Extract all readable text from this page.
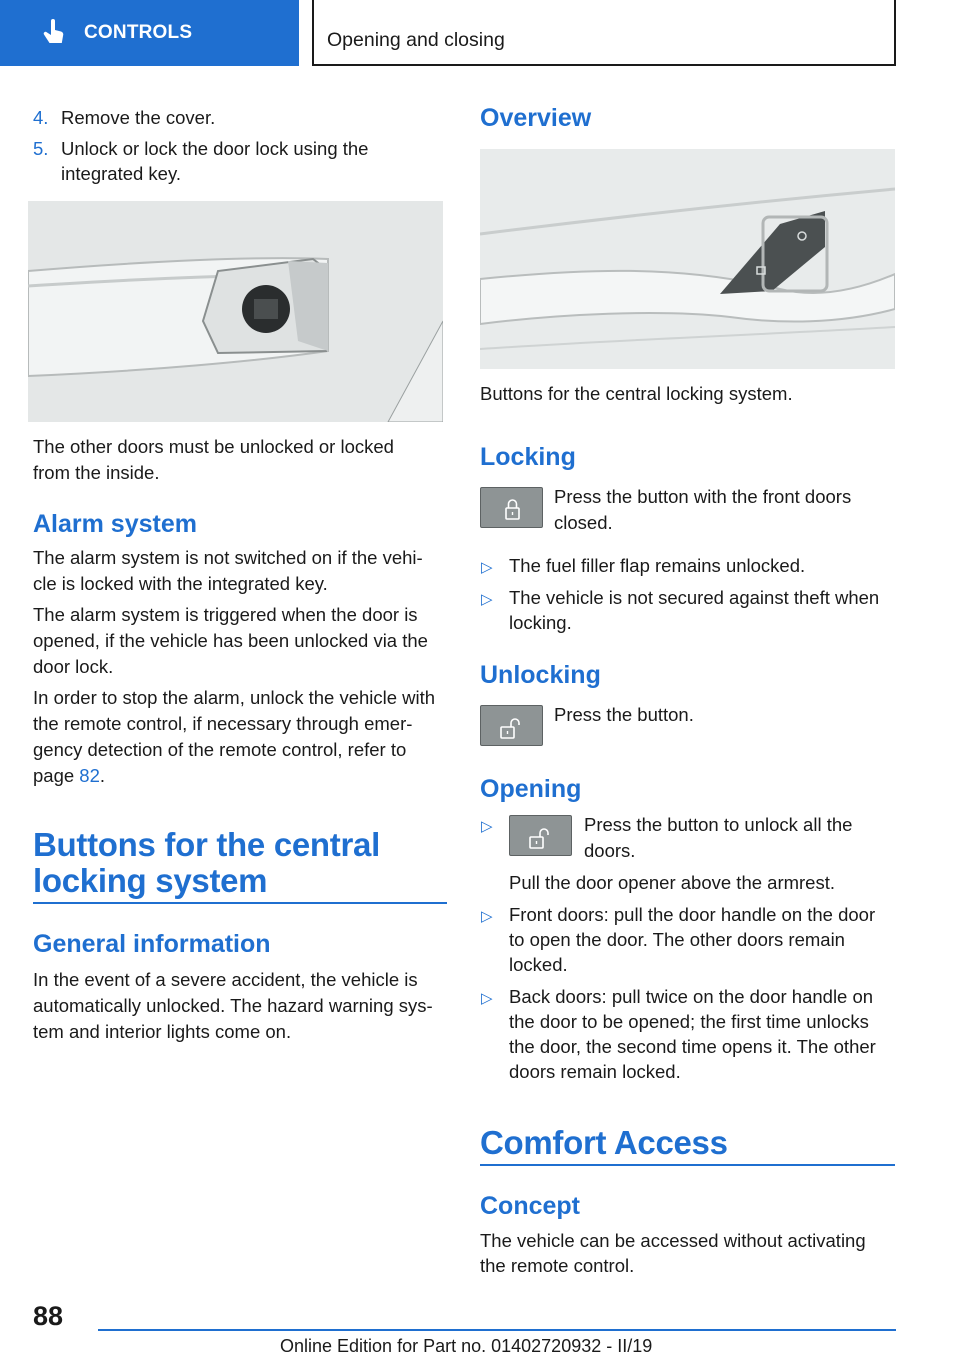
CONTROLS	Opening and closing
4. Remove the cover.
5. Unlock or lock the door lock using the
integrated key.
The other doors must be unlocked or locked
from the inside.
Alarm system
The alarm system is not switched on if the vehi‐
cle is locked with the integrated key.
The alarm system is triggered when the door is
opened, if the vehicle has been unlocked via the
door lock.
In order to stop the alarm, unlock the vehicle with
the remote control, if necessary through emer‐
gency detection of the remote control, refer to
page 82.
Buttons for the central
locking system
General information
In the event of a severe accident, the vehicle is
automatically unlocked. The hazard warning sys‐
tem and interior lights come on.
Overview
Buttons for the central locking system.
Locking
Press the button with the front doors
closed.
▷ The fuel filler flap remains unlocked.
▷ The vehicle is not secured against theft when
locking.
Unlocking
Press the button.
Opening
▷	Press the button to unlock all the
doors.
Pull the door opener above the armrest.
▷ Front doors: pull the door handle on the door
to open the door. The other doors remain
locked.
▷ Back doors: pull twice on the door handle on
the door to be opened; the first time unlocks
the door, the second time opens it. The other
doors remain locked.
Comfort Access
Concept
The vehicle can be accessed without activating
the remote control.
88
Online Edition for Part no. 01402720932 - II/19
